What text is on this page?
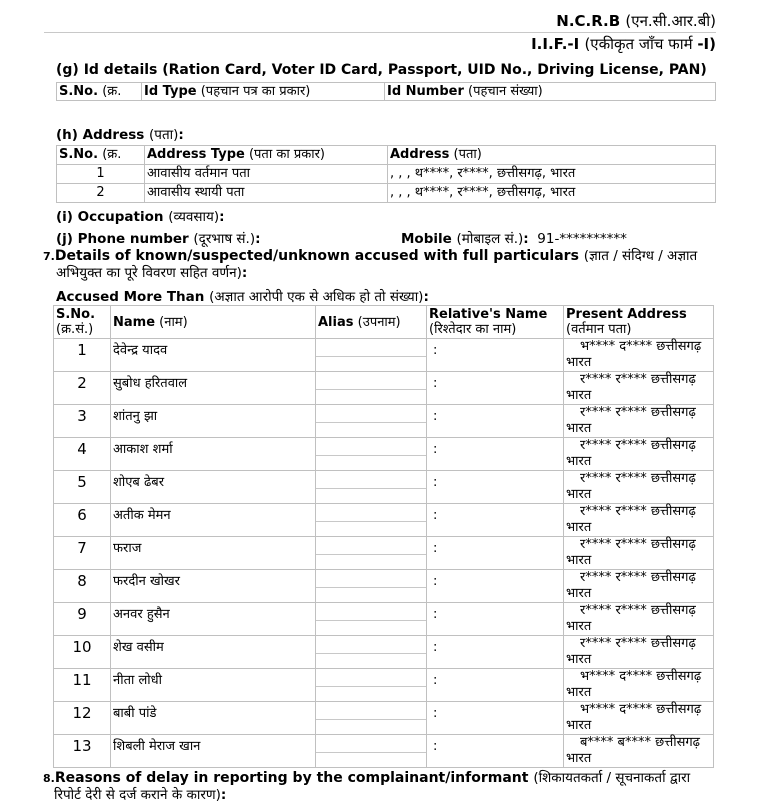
N.C.R.B (एन.सी.आर.बी)
I.I.F.-I (एकीकृत जाँच फार्म -I)
(g) Id details (Ration Card, Voter ID Card, Passport, UID No., Driving License, PAN)
S.No. (क्र.	Id Type (पहचान पत्र का प्रकार)	Id Number (पहचान संख्या)
(h) Address (पता):
S.No. (क्र.	Address Type (पता का प्रकार)	Address (पता)
1	आवासीय वर्तमान पता	, , , थ****, र****, छत्तीसगढ़, भारत
2	आवासीय स्थायी पता	, , , थ****, र****, छत्तीसगढ़, भारत
(i) Occupation (व्यवसाय):
(j) Phone number (दूरभाष सं.):	Mobile (मोबाइल सं.): 91-**********
7.Details of known/suspected/unknown accused with full particulars (ज्ञात / संदिग्ध / अज्ञात
अभियुक्त का पूरे विवरण सहित वर्णन):
Accused More Than (अज्ञात आरोपी एक से अधिक हो तो संख्या):
S.No.
(क्र.सं.)	Name (नाम)	Alias (उपनाम)	Relative's Name
(रिश्तेदार का नाम)	Present Address
(वर्तमान पता)
1	देवेन्द्र यादव		:	भ**** द**** छत्तीसगढ़
भारत

2	सुबोध हरितवाल		:	र**** र**** छत्तीसगढ़
भारत

3	शांतनु झा		:	र**** र**** छत्तीसगढ़
भारत

4	आकाश शर्मा		:	र**** र**** छत्तीसगढ़
भारत

5	शोएब ढेबर		:	र**** र**** छत्तीसगढ़
भारत

6	अतीक मेमन		:	र**** र**** छत्तीसगढ़
भारत

7	फराज		:	र**** र**** छत्तीसगढ़
भारत

8	फरदीन खोखर		:	र**** र**** छत्तीसगढ़
भारत

9	अनवर हुसैन		:	र**** र**** छत्तीसगढ़
भारत

10	शेख वसीम		:	र**** र**** छत्तीसगढ़
भारत

11	नीता लोधी		:	भ**** द**** छत्तीसगढ़
भारत

12	बाबी पांडे		:	भ**** द**** छत्तीसगढ़
भारत

13	शिबली मेराज खान		:	ब**** ब**** छत्तीसगढ़
भारत
8.Reasons of delay in reporting by the complainant/informant (शिकायतकर्ता / सूचनाकर्ता द्वारा
रिपोर्ट देरी से दर्ज कराने के कारण):
